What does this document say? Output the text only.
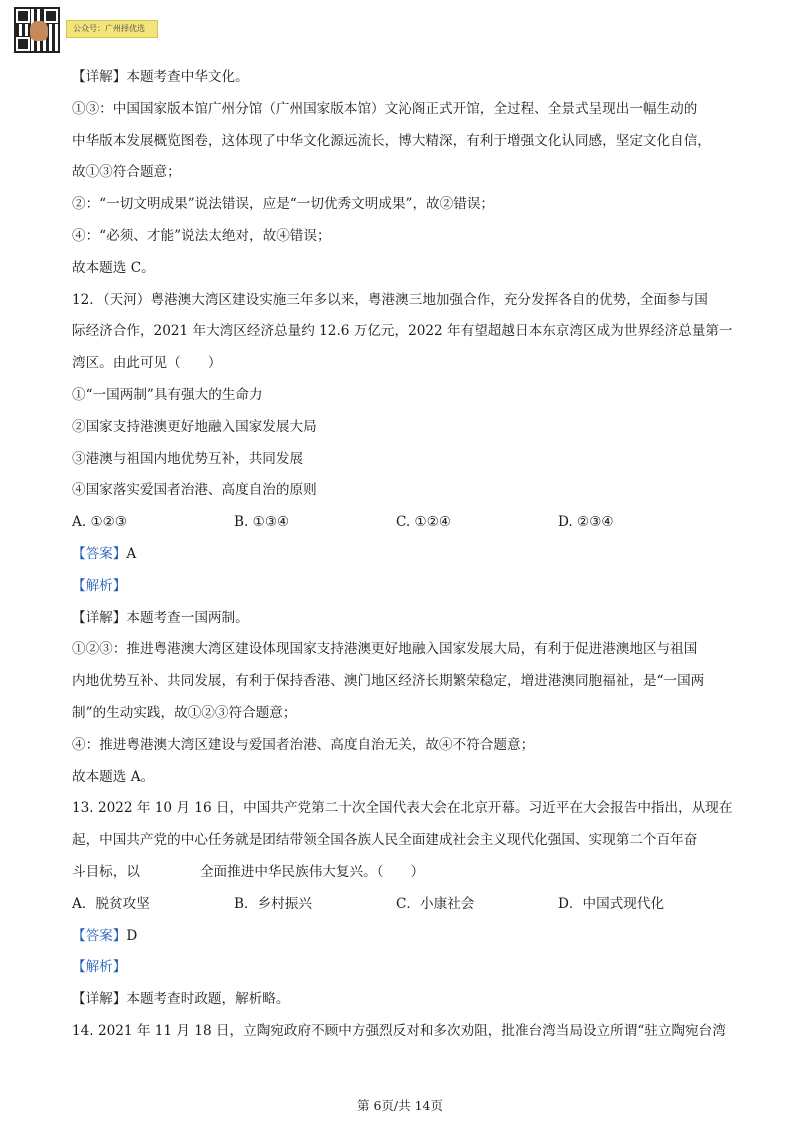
公众号：广州择优选
【详解】本题考查中华文化。
①③：中国国家版本馆广州分馆（广州国家版本馆）文沁阁正式开馆，全过程、全景式呈现出一幅生动的
中华版本发展概览图卷，这体现了中华文化源远流长，博大精深，有利于增强文化认同感，坚定文化自信，
故①③符合题意；
②：“一切文明成果”说法错误，应是“一切优秀文明成果”，故②错误；
④：“必须、才能”说法太绝对，故④错误；
故本题选 C。
12．（天河）粤港澳大湾区建设实施三年多以来，粤港澳三地加强合作，充分发挥各自的优势，全面参与国
际经济合作，2021 年大湾区经济总量约 12.6 万亿元，2022 年有望超越日本东京湾区成为世界经济总量第一
湾区。由此可见（　　）
①“一国两制”具有强大的生命力
②国家支持港澳更好地融入国家发展大局
③港澳与祖国内地优势互补，共同发展
④国家落实爱国者治港、高度自治的原则
A. ①②③	B. ①③④	C. ①②④	D. ②③④
【答案】A
【解析】
【详解】本题考查一国两制。
①②③：推进粤港澳大湾区建设体现国家支持港澳更好地融入国家发展大局，有利于促进港澳地区与祖国
内地优势互补、共同发展，有利于保持香港、澳门地区经济长期繁荣稳定，增进港澳同胞福祉，是“一国两
制”的生动实践，故①②③符合题意；
④：推进粤港澳大湾区建设与爱国者治港、高度自治无关，故④不符合题意；
故本题选 A。
13. 2022 年 10 月 16 日，中国共产党第二十次全国代表大会在北京开幕。习近平在大会报告中指出，从现在
起，中国共产党的中心任务就是团结带领全国各族人民全面建成社会主义现代化强国、实现第二个百年奋
斗目标，以	全面推进中华民族伟大复兴。（　　）
A．脱贫攻坚	B．乡村振兴	C．小康社会	D．中国式现代化
【答案】D
【解析】
【详解】本题考查时政题，解析略。
14. 2021 年 11 月 18 日，立陶宛政府不顾中方强烈反对和多次劝阻，批准台湾当局设立所谓“驻立陶宛台湾
第 6页/共 14页
